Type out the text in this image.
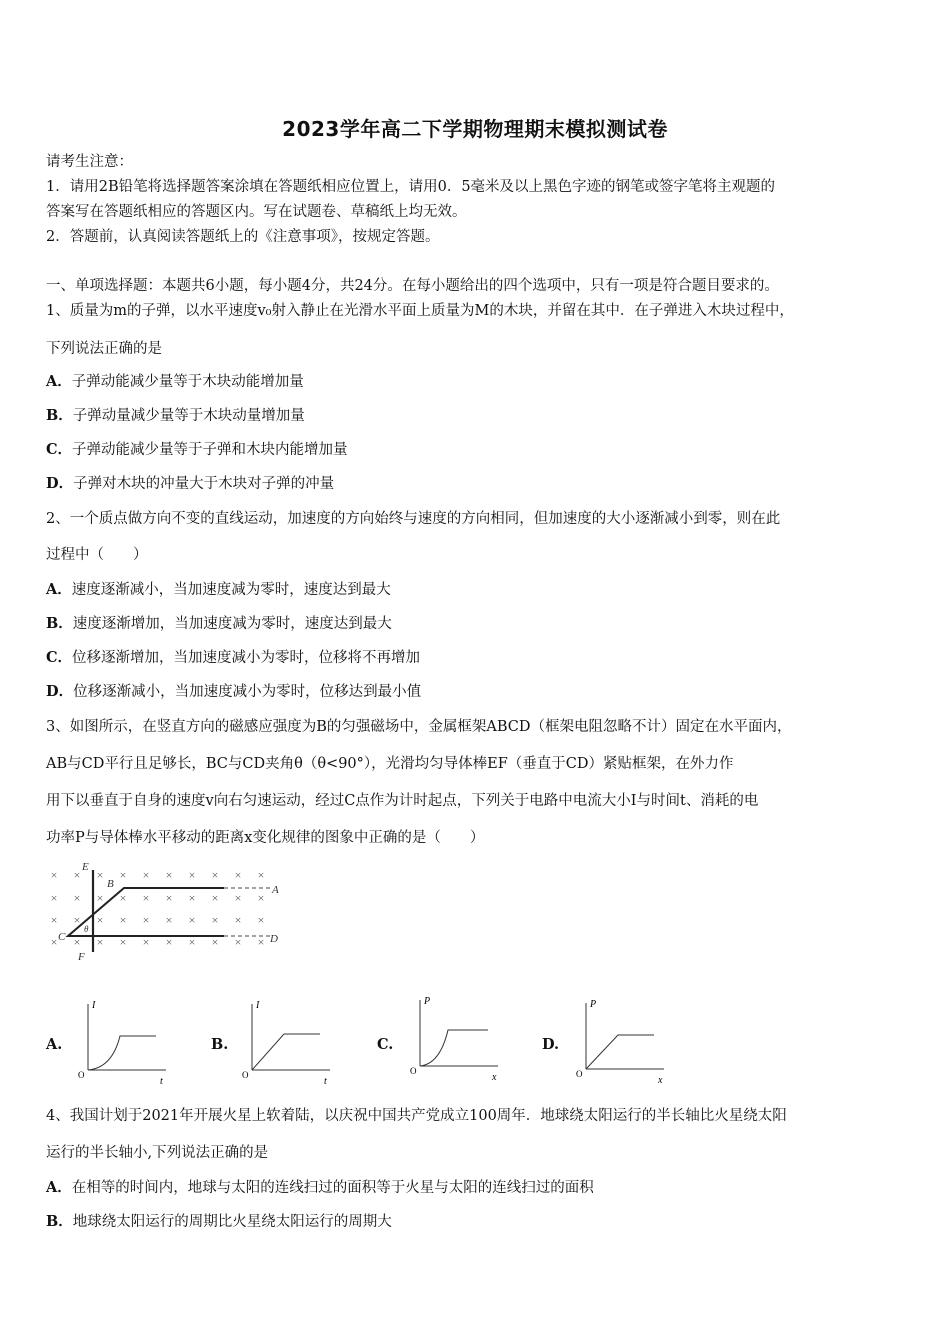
2023学年高二下学期物理期末模拟测试卷
请考生注意：
1．请用2B铅笔将选择题答案涂填在答题纸相应位置上，请用0．5毫米及以上黑色字迹的钢笔或签字笔将主观题的
答案写在答题纸相应的答题区内。写在试题卷、草稿纸上均无效。
2．答题前，认真阅读答题纸上的《注意事项》，按规定答题。
一、单项选择题：本题共6小题，每小题4分，共24分。在每小题给出的四个选项中，只有一项是符合题目要求的。
1、质量为m的子弹，以水平速度v₀射入静止在光滑水平面上质量为M的木块，并留在其中．在子弹进入木块过程中，
下列说法正确的是
A．子弹动能减少量等于木块动能增加量
B．子弹动量减少量等于木块动量增加量
C．子弹动能减少量等于子弹和木块内能增加量
D．子弹对木块的冲量大于木块对子弹的冲量
2、一个质点做方向不变的直线运动，加速度的方向始终与速度的方向相同，但加速度的大小逐渐减小到零，则在此
过程中（　　）
A．速度逐渐减小，当加速度减为零时，速度达到最大
B．速度逐渐增加，当加速度减为零时，速度达到最大
C．位移逐渐增加，当加速度减小为零时，位移将不再增加
D．位移逐渐减小，当加速度减小为零时，位移达到最小值
3、如图所示，在竖直方向的磁感应强度为B的匀强磁场中，金属框架ABCD（框架电阻忽略不计）固定在水平面内，
AB与CD平行且足够长，BC与CD夹角θ（θ<90°），光滑均匀导体棒EF（垂直于CD）紧贴框架，在外力作
用下以垂直于自身的速度v向右匀速运动，经过C点作为计时起点，下列关于电路中电流大小I与时间t、消耗的电
功率P与导体棒水平移动的距离x变化规律的图象中正确的是（　　）
× × × × × × × × × ×
× × × × × × × × × ×
× × × × × × × × × ×
× × × × × × × × × ×
E
F
B	A
C	D
θ
A.
I
t
O
B.
I
t
O
C.
P
x
O
D.
P
x
O
4、我国计划于2021年开展火星上软着陆，以庆祝中国共产党成立100周年．地球绕太阳运行的半长轴比火星绕太阳
运行的半长轴小,下列说法正确的是
A．在相等的时间内，地球与太阳的连线扫过的面积等于火星与太阳的连线扫过的面积
B．地球绕太阳运行的周期比火星绕太阳运行的周期大
